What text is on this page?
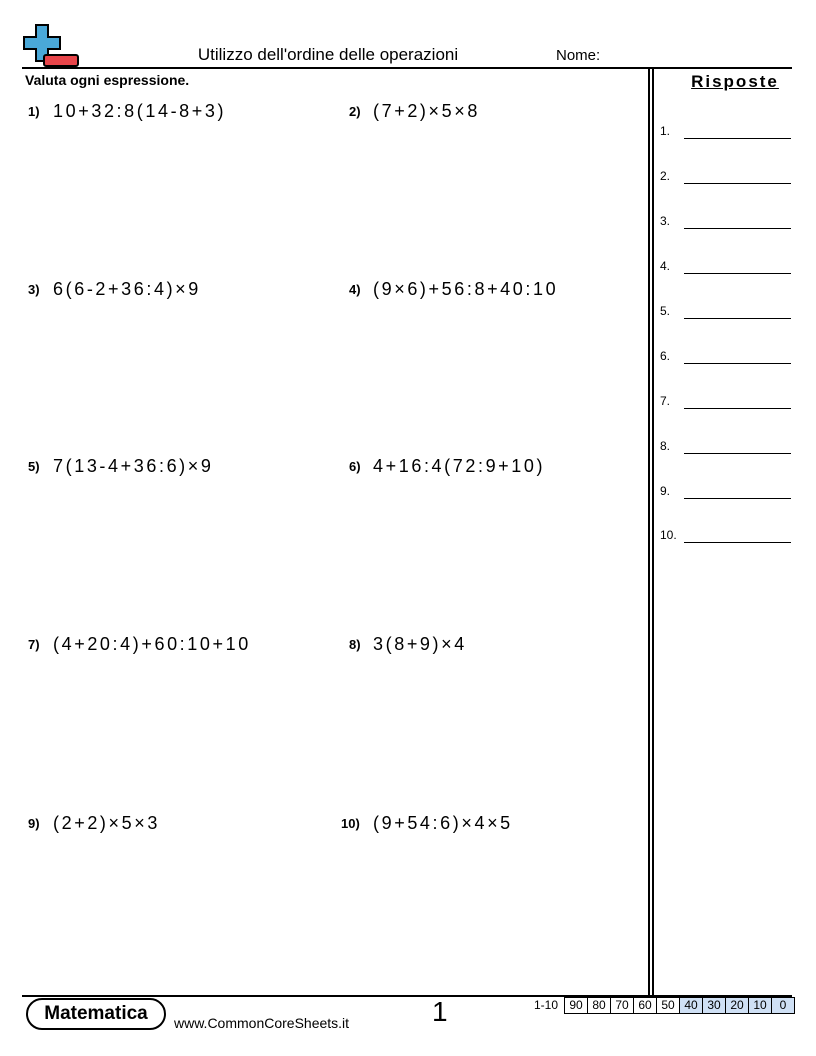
Utilizzo dell'ordine delle operazioni	Nome:
Valuta ogni espressione.
1) 10+32:8(14-8+3)	2) (7+2)×5×8
3) 6(6-2+36:4)×9	4) (9×6)+56:8+40:10
5) 7(13-4+36:6)×9	6) 4+16:4(72:9+10)
7) (4+20:4)+60:10+10	8) 3(8+9)×4
9) (2+2)×5×3	10) (9+54:6)×4×5
Risposte
1.
2.
3.
4.
5.
6.
7.
8.
9.
10.
Matematica	www.CommonCoreSheets.it	1	1-10 90	80	70	60	50	40	30	20	10	0
